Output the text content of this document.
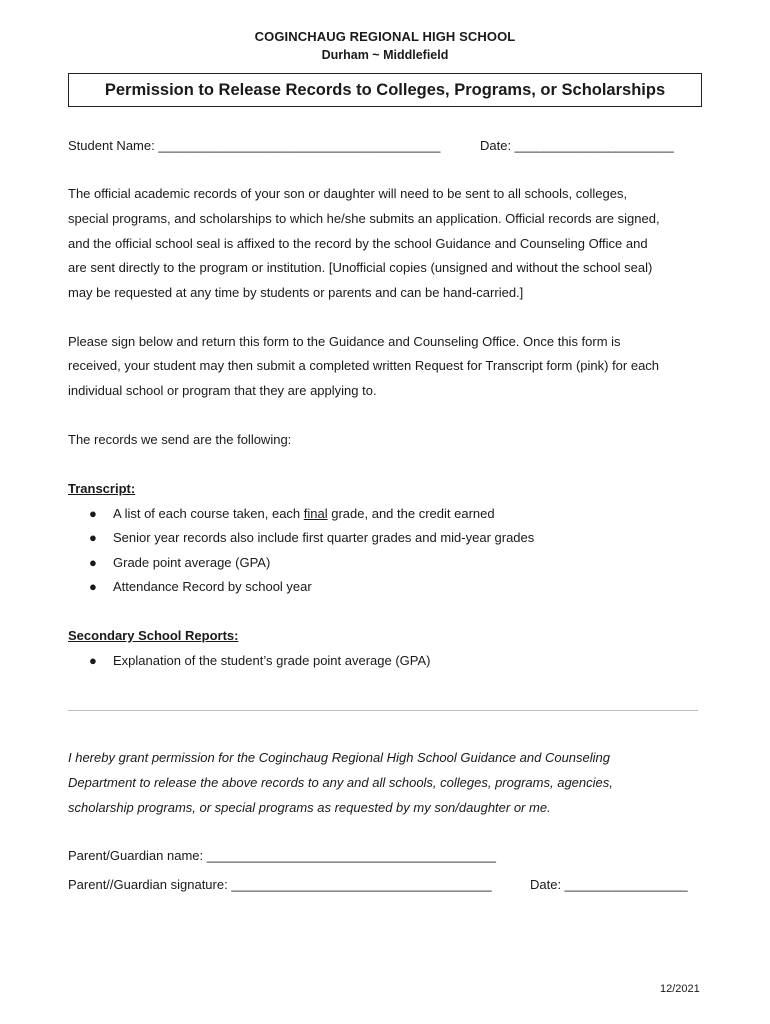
COGINCHAUG REGIONAL HIGH SCHOOL
Durham ~ Middlefield
Permission to Release Records to Colleges, Programs, or Scholarships
Student Name: _______________________________________	Date: ______________________
The official academic records of your son or daughter will need to be sent to all schools, colleges,
special programs, and scholarships to which he/she submits an application. Official records are signed,
and the official school seal is affixed to the record by the school Guidance and Counseling Office and
are sent directly to the program or institution. [Unofficial copies (unsigned and without the school seal)
may be requested at any time by students or parents and can be hand-carried.]
Please sign below and return this form to the Guidance and Counseling Office. Once this form is
received, your student may then submit a completed written Request for Transcript form (pink) for each
individual school or program that they are applying to.
The records we send are the following:
Transcript:
● A list of each course taken, each final grade, and the credit earned
● Senior year records also include first quarter grades and mid-year grades
● Grade point average (GPA)
● Attendance Record by school year
Secondary School Reports:
● Explanation of the student’s grade point average (GPA)
I hereby grant permission for the Coginchaug Regional High School Guidance and Counseling
Department to release the above records to any and all schools, colleges, programs, agencies,
scholarship programs, or special programs as requested by my son/daughter or me.
Parent/Guardian name: ________________________________________
Parent//Guardian signature: ____________________________________	Date: _________________
12/2021
